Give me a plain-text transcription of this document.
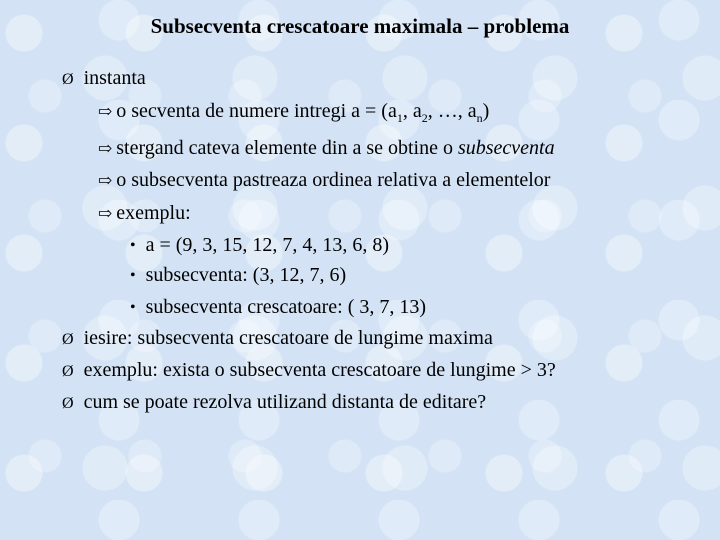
Subsecventa crescatoare maximala – problema
Ø instanta
⇨ o secventa de numere intregi $a = (a_1$, $a_2$, …, $a_n$)
⇨ stergand cateva elemente din a se obtine o subsecventa
⇨ o subsecventa pastreaza ordinea relativa a elementelor
⇨ exemplu:
• a = (9, 3, 15, 12, 7, 4, 13, 6, 8)
• subsecventa: (3, 12, 7, 6)
• subsecventa crescatoare: ( 3, 7, 13)
Ø iesire: subsecventa crescatoare de lungime maxima
Ø exemplu: exista o subsecventa crescatoare de lungime > 3?
Ø cum se poate rezolva utilizand distanta de editare?
